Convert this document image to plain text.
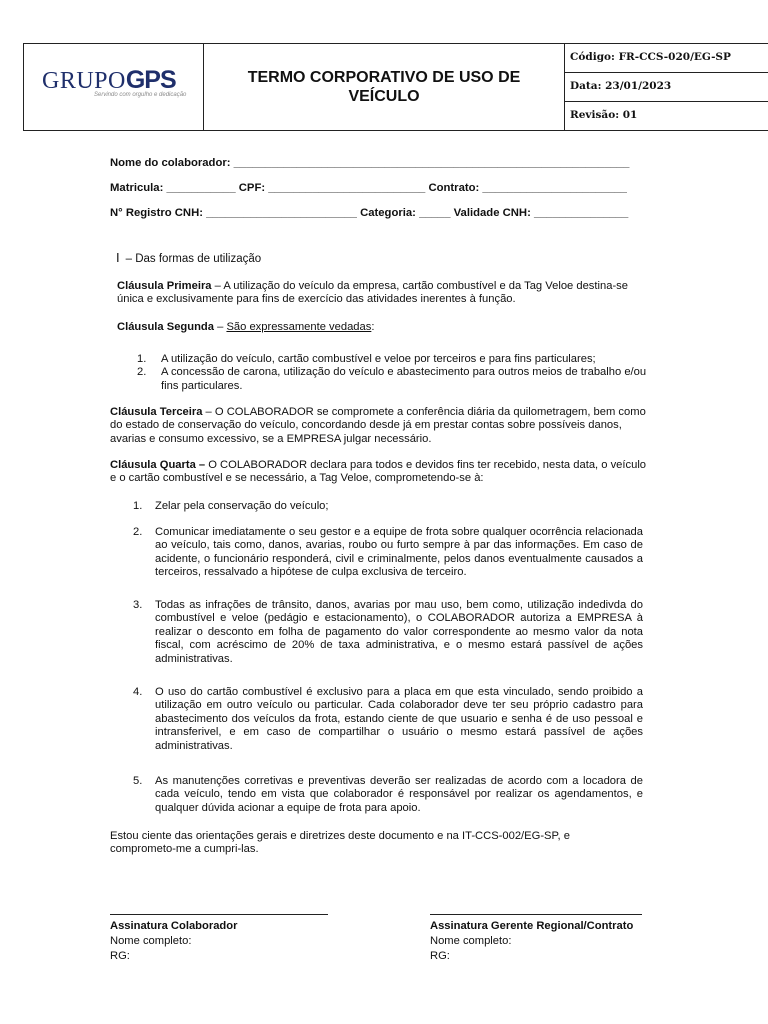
GRUPOGPS
Servindo com orgulho e dedicação
TERMO CORPORATIVO DE USO DE VEÍCULO
Código: FR-CCS-020/EG-SP
Data: 23/01/2023
Revisão: 01
Nome do colaborador: _______________________________________________________________
Matricula: ___________ CPF: _________________________ Contrato: _______________________
N° Registro CNH: ________________________ Categoria: _____ Validade CNH: _______________
I – Das formas de utilização
Cláusula Primeira – A utilização do veículo da empresa, cartão combustível e da Tag Veloe destina-se única e exclusivamente para fins de exercício das atividades inerentes à função.
Cláusula Segunda – São expressamente vedadas:
1. A utilização do veículo, cartão combustível e veloe por terceiros e para fins particulares;
2. A concessão de carona, utilização do veículo e abastecimento para outros meios de trabalho e/ou fins particulares.
Cláusula Terceira – O COLABORADOR se compromete a conferência diária da quilometragem, bem como do estado de conservação do veículo, concordando desde já em prestar contas sobre possíveis danos, avarias e consumo excessivo, se a EMPRESA julgar necessário.
Cláusula Quarta – O COLABORADOR declara para todos e devidos fins ter recebido, nesta data, o veículo e o cartão combustível e se necessário, a Tag Veloe, comprometendo-se à:
1. Zelar pela conservação do veículo;
2. Comunicar imediatamente o seu gestor e a equipe de frota sobre qualquer ocorrência relacionada ao veículo, tais como, danos, avarias, roubo ou furto sempre à par das informações. Em caso de acidente, o funcionário responderá, civil e criminalmente, pelos danos eventualmente causados a terceiros, ressalvado a hipótese de culpa exclusiva de terceiro.
3. Todas as infrações de trânsito, danos, avarias por mau uso, bem como, utilização indedivda do combustível e veloe (pedágio e estacionamento), o COLABORADOR autoriza a EMPRESA à realizar o desconto em folha de pagamento do valor correspondente ao mesmo valor da nota fiscal, com acréscimo de 20% de taxa administrativa, e o mesmo estará passível de ações administrativas.
4. O uso do cartão combustível é exclusivo para a placa em que esta vinculado, sendo proibido a utilização em outro veículo ou particular. Cada colaborador deve ter seu próprio cadastro para abastecimento dos veículos da frota, estando ciente de que usuario e senha é de uso pessoal e intransferivel, e em caso de compartilhar o usuário o mesmo estará passível de ações administrativas.
5. As manutenções corretivas e preventivas deverão ser realizadas de acordo com a locadora de cada veículo, tendo em vista que colaborador é responsável por realizar os agendamentos, e qualquer dúvida acionar a equipe de frota para apoio.
Estou ciente das orientações gerais e diretrizes deste documento e na IT-CCS-002/EG-SP, e comprometo-me a cumpri-las.
Assinatura Colaborador
Nome completo:
RG:
Assinatura Gerente Regional/Contrato
Nome completo:
RG:
